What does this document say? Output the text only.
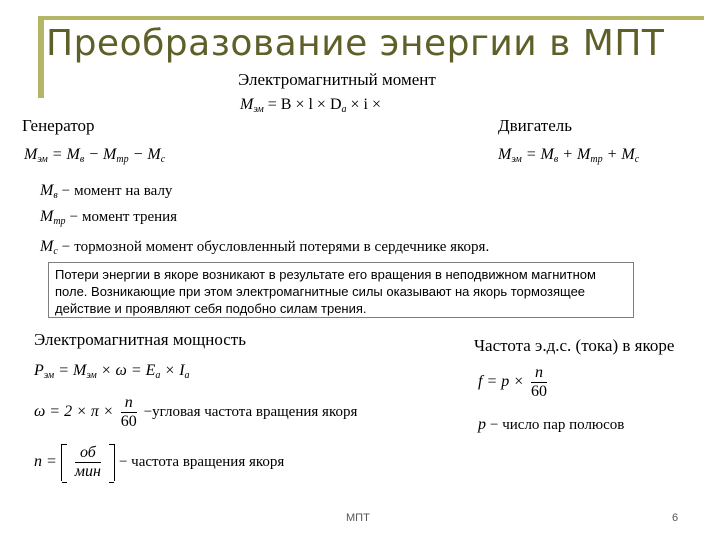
Преобразование энергии в МПТ
Электромагнитный момент
$M_{эм} = B \times l \times D_a \times i$ ×
Генератор
$M_{эм} = M_в - M_{тр} - M_c$
Двигатель
$M_{эм} = M_в + M_{тр} + M_c$
$M_в$ − момент на валу
$M_{тр}$ − момент трения
$M_c$ − тормозной момент обусловленный потерями в сердечнике якоря.
Потери энергии в якоре возникают в результате его вращения в неподвижном магнитном поле. Возникающие при этом электромагнитные силы оказывают на якорь тормозящее действие и проявляют себя подобно силам трения.
Электромагнитная мощность
$P_{эм} = M_{эм} \times \omega = E_a \times I_a$
$\omega = 2 \times \pi \times \frac{n}{60}$ −угловая частота вращения якоря
$n = \frac{об}{\text{мин}}$ − частота вращения якоря
Частота э.д.с. (тока) в якоре
$f = p \times \frac{n}{60}$
p − число пар полюсов
МПТ	6
